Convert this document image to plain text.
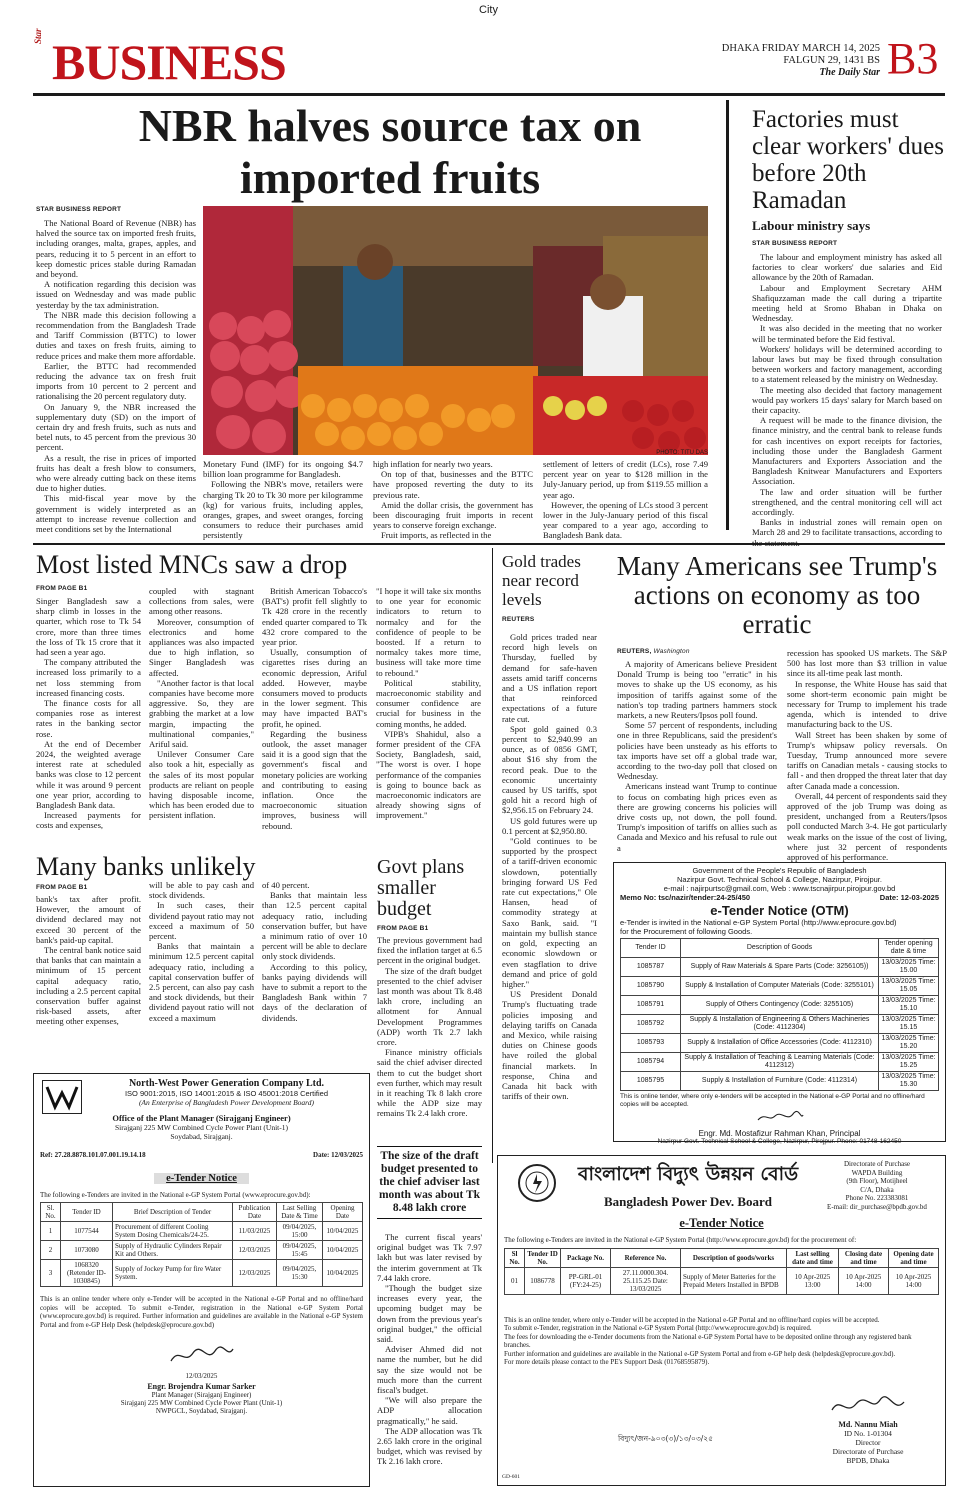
City
Star BUSINESS	DHAKA FRIDAY MARCH 14, 2025
FALGUN 29, 1431 BS
The Daily Star B3
NBR halves source tax on imported fruits
STAR BUSINESS REPORT

The National Board of Revenue (NBR) has halved the source tax on imported fresh fruits, including oranges, malta, grapes, apples, and pears, reducing it to 5 percent in an effort to keep domestic prices stable during Ramadan and beyond.

A notification regarding this decision was issued on Wednesday and was made public yesterday by the tax administration.

The NBR made this decision following a recommendation from the Bangladesh Trade and Tariff Commission (BTTC) to lower duties and taxes on fresh fruits, aiming to reduce prices and make them more affordable.

Earlier, the BTTC had recommended reducing the advance tax on fresh fruit imports from 10 percent to 2 percent and rationalising the 20 percent regulatory duty.

On January 9, the NBR increased the supplementary duty (SD) on the import of certain dry and fresh fruits, such as nuts and betel nuts, to 45 percent from the previous 30 percent.

As a result, the rise in prices of imported fruits has dealt a fresh blow to consumers, who were already cutting back on these items due to higher duties.

This mid-fiscal year move by the government is widely interpreted as an attempt to increase revenue collection and meet conditions set by the International

PHOTO: TITU DAS

Monetary Fund (IMF) for its ongoing $4.7 billion loan programme for Bangladesh.

Following the NBR's move, retailers were charging Tk 20 to Tk 30 more per kilogramme (kg) for various fruits, including apples, oranges, grapes, and sweet oranges, forcing consumers to reduce their purchases amid persistently

high inflation for nearly two years.

On top of that, businesses and the BTTC have proposed reverting the duty to its previous rate.

Amid the dollar crisis, the government has been discouraging fruit imports in recent years to conserve foreign exchange.

Fruit imports, as reflected in the

settlement of letters of credit (LCs), rose 7.49 percent year on year to $128 million in the July-January period, up from $119.55 million a year ago.

However, the opening of LCs stood 3 percent lower in the July-January period of this fiscal year compared to a year ago, according to Bangladesh Bank data.

Factories must clear workers' dues before 20th Ramadan
Labour ministry says
STAR BUSINESS REPORT

The labour and employment ministry has asked all factories to clear workers' due salaries and Eid allowance by the 20th of Ramadan.

Labour and Employment Secretary AHM Shafiquzzaman made the call during a tripartite meeting held at Sromo Bhaban in Dhaka on Wednesday.

It was also decided in the meeting that no worker will be terminated before the Eid festival.

Workers' holidays will be determined according to labour laws but may be fixed through consultation between workers and factory management, according to a statement released by the ministry on Wednesday.

The meeting also decided that factory management would pay workers 15 days' salary for March based on their capacity.

A request will be made to the finance division, the finance ministry, and the central bank to release funds for cash incentives on export receipts for factories, including those under the Bangladesh Garment Manufacturers and Exporters Association and the Bangladesh Knitwear Manufacturers and Exporters Association.

The law and order situation will be further strengthened, and the central monitoring cell will act accordingly.

Banks in industrial zones will remain open on March 28 and 29 to facilitate transactions, according to

Most listed MNCs saw a drop
FROM PAGE B1

Singer Bangladesh saw a sharp climb in losses in the quarter, which rose to Tk 54 crore, more than three times the loss of Tk 15 crore that it had seen a year ago.

The company attributed the increased loss primarily to a net loss stemming from increased financing costs.

The finance costs for all companies rose as interest rates in the banking sector rose.

At the end of December 2024, the weighted average interest rate at scheduled banks was close to 12 percent while it was around 9 percent one year prior, according to Bangladesh Bank data.

Increased payments for costs and expenses,

coupled with stagnant collections from sales, were among other reasons.

Moreover, consumption of electronics and home appliances was also impacted due to high inflation, so Singer Bangladesh was affected.

"Another factor is that local companies have become more aggressive. So, they are grabbing the market at a low margin, impacting the multinational companies," Ariful said.

Unilever Consumer Care also took a hit, especially as the sales of its most popular products are reliant on people having disposable income, which has been eroded due to persistent inflation.

British American Tobacco's (BAT's) profit fell slightly to Tk 428 crore in the recently ended quarter compared to Tk 432 crore compared to the year prior.

Usually, consumption of cigarettes rises during an economic depression, Ariful added. However, maybe consumers moved to products in the lower segment. This may have impacted BAT's profit, he opined.

Regarding the business outlook, the asset manager said it is a good sign that the government's fiscal and monetary policies are working and contributing to easing inflation. Once the macroeconomic situation improves, business will rebound.

"I hope it will take six months to one year for economic indicators to return to normalcy and for the confidence of people to be boosted. If a return to normalcy takes more time, business will take more time to rebound."

Political stability, macroeconomic stability and consumer confidence are crucial for business in the coming months, he added.

VIPB's Shahidul, also a former president of the CFA Society, Bangladesh, said, "The worst is over. I hope performance of the companies is going to bounce back as macroeconomic indicators are already showing signs of improvement."

Many banks unlikely
FROM PAGE B1

bank's tax after profit. However, the amount of dividend declared may not exceed 30 percent of the bank's paid-up capital.

The central bank notice said that banks that can maintain a minimum of 15 percent capital adequacy ratio, including a 2.5 percent capital conservation buffer against risk-based assets, after meeting other expenses,

will be able to pay cash and stock dividends.

In such cases, their dividend payout ratio may not exceed a maximum of 50 percent.

Banks that maintain a minimum 12.5 percent capital adequacy ratio, including a capital conservation buffer of 2.5 percent, can also pay cash and stock dividends, but their dividend payout ratio will not exceed a maximum

of 40 percent.

Banks that maintain less than 12.5 percent capital adequacy ratio, including conservation buffer, but have a minimum ratio of over 10 percent will be able to declare only stock dividends.

According to this policy, banks paying dividends will have to submit a report to the Bangladesh Bank within 7 days of the declaration of dividends.

Gold trades near record levels
REUTERS

Gold prices traded near record high levels on Thursday, fuelled by demand for safe-haven assets amid tariff concerns and a US inflation report that reinforced expectations of a future rate cut.

Spot gold gained 0.3 percent to $2,940.99 an ounce, as of 0856 GMT, about $16 shy from the record peak. Due to the economic uncertainty caused by US tariffs, spot gold hit a record high of $2,956.15 on February 24.

US gold futures were up 0.1 percent at $2,950.80.

"Gold continues to be supported by the prospect of a tariff-driven economic slowdown, potentially bringing forward US Fed rate cut expectations," Ole Hansen, head of commodity strategy at Saxo Bank, said. "I maintain my bullish stance on gold, expecting an economic slowdown or even stagflation to drive demand and price of gold higher."

US President Donald Trump's fluctuating trade policies imposing and delaying tariffs on Canada and Mexico, while raising duties on Chinese goods have roiled the global financial markets. In response, China and Canada hit back with tariffs of their own.

Govt plans smaller budget
FROM PAGE B1

The previous government had fixed the inflation target at 6.5 percent in the original budget.

The size of the draft budget presented to the chief adviser last month was about Tk 8.48 lakh crore, including an allotment for Annual Development Programmes (ADP) worth Tk 2.7 lakh crore.

Finance ministry officials said the chief adviser directed them to cut the budget short even further, which may result in it reaching Tk 8 lakh crore while the ADP size may remains Tk 2.4 lakh crore.

The size of the draft budget presented to the chief adviser last month was about Tk 8.48 lakh crore

The current fiscal years' original budget was Tk 7.97 lakh but was later revised by the interim government at Tk 7.44 lakh crore.

"Though the budget size increases every year, the upcoming budget may be down from the previous year's original budget," the official said.

Adviser Ahmed did not name the number, but he did say the size would not be much more than the current fiscal's budget.

"We will also prepare the ADP allocation pragmatically," he said.

The ADP allocation was Tk 2.65 lakh crore in the original budget, which was revised by Tk 2.16 lakh crore.

Many Americans see Trump's actions on economy as too erratic
REUTERS, Washington

A majority of Americans believe President Donald Trump is being too "erratic" in his moves to shake up the US economy, as his imposition of tariffs against some of the nation's top trading partners hammers stock markets, a new Reuters/Ipsos poll found.

Some 57 percent of respondents, including one in three Republicans, said the president's policies have been unsteady as his efforts to tax imports have set off a global trade war, according to the two-day poll that closed on Wednesday.

Americans instead want Trump to continue to focus on combating high prices even as there are growing concerns his policies will drive costs up, not down, the poll found. Trump's imposition of tariffs on allies such as Canada and Mexico and his refusal to rule out a

recession has spooked US markets. The S&P 500 has lost more than $3 trillion in value since its all-time peak last month.

In response, the White House has said that some short-term economic pain might be necessary for Trump to implement his trade agenda, which is intended to drive manufacturing back to the US.

Wall Street has been shaken by some of Trump's whipsaw policy reversals. On Tuesday, Trump announced more severe tariffs on Canadian metals - causing stocks to fall - and then dropped the threat later that day after Canada made a concession.

Overall, 44 percent of respondents said they approved of the job Trump was doing as president, unchanged from a Reuters/Ipsos poll conducted March 3-4. He got particularly weak marks on the issue of the cost of living, where just 32 percent of respondents approved of his performance.

North-West Power Generation Company Ltd.
ISO 9001:2015, ISO 14001:2015 & ISO 45001:2018 Certified
(An Enterprise of Bangladesh Power Development Board)
Office of the Plant Manager (Sirajganj Engineer)
Sirajganj 225 MW Combined Cycle Power Plant (Unit-1)
Soydabad, Sirajganj.
Ref: 27.28.8878.101.07.001.19.14.18	Date: 12/03/2025
e-Tender Notice
The following e-Tenders are invited in the National e-GP System Portal (www.eprocure.gov.bd):
Sl. No.	Tender ID	Brief Description of Tender	Publication Date	Last Selling Date & Time	Opening Date
1	1077544	Procurement of different Cooling System Dosing Chemicals/24-25.	11/03/2025	09/04/2025, 15:00	10/04/2025
2	1073080	Supply of Hydraulic Cylinders Repair Kit and Others.	12/03/2025	09/04/2025, 15:45	10/04/2025
3	1068320 (Retender ID-1030845)	Supply of Jockey Pump for fire Water System.	12/03/2025	09/04/2025, 15:30	10/04/2025
This is an online tender where only e-Tender will be accepted in the National e-GP Portal and no offline/hard copies will be accepted. To submit e-Tender, registration in the National e-GP System Portal (www.eprocure.gov.bd) is required. Further information and guidelines are available in the National e-GP System Portal and from e-GP Help Desk (helpdesk@eprocure.gov.bd)
12/03/2025
Engr. Brojendra Kumar Sarker
Plant Manager (Sirajganj Engineer)
Sirajganj 225 MW Combined Cycle Power Plant (Unit-1)
NWPGCL, Soydabad, Sirajganj.
Government of the People's Republic of Bangladesh
Nazirpur Govt. Technical School & College, Nazirpur, Pirojpur.
e-mail : najirpurtsc@gmail.com, Web : www.tscnajirpur.pirojpur.gov.bd
Memo No: tsc/nazir/tender:24-25/450	Date: 12-03-2025
e-Tender Notice (OTM)
e-Tender is invited in the National e-GP System Portal (http://www.eprocure.gov.bd)
for the Procurement of following Goods.
Tender ID	Description of Goods	Tender opening date & time
1085787	Supply of Raw Materials & Spare Parts (Code: 3256105))	13/03/2025 Time: 15.00
1085790	Supply & Installation of Computer Materials (Code: 3255101)	13/03/2025 Time: 15.05
1085791	Supply of Others Contingency (Code: 3255105)	13/03/2025 Time: 15.10
1085792	Supply & Installation of Engineering & Others Machineries (Code: 4112304)	13/03/2025 Time: 15.15
1085793	Supply & Installation of Office Accessories (Code: 4112310)	13/03/2025 Time: 15.20
1085794	Supply & Installation of Teaching & Learning Materials (Code: 4112312)	13/03/2025 Time: 15.25
1085795	Supply & Installation of Furniture (Code: 4112314)	13/03/2025 Time: 15.30
This is online tender, where only e-tenders will be accepted in the National e-GP Portal and no offline/hard copies will be accepted.
Engr. Md. Mostafizur Rahman Khan, Principal
Nazirpur Govt. Technical School & College, Nazirpur, Pirojpur. Phone: 01748-162450
বাংলাদেশ বিদ্যুৎ উন্নয়ন বোর্ড
Bangladesh Power Dev. Board
Directorate of Purchase
WAPDA Building
(9th Floor), Motijheel
C/A, Dhaka
Phone No. 223383081
E-mail: dir_purchase@bpdb.gov.bd
e-Tender Notice
The following e-Tenders are invited in the National e-GP System Portal (http://www.eprocure.gov.bd) for the procurement of:
Sl No.	Tender ID No.	Package No.	Reference No.	Description of goods/works	Last selling date and time	Closing date and time	Opening date and time
01	1086778	PP-GRL-01 (FY:24-25)	27.11.0000.304. 25.115.25 Date: 13/03/2025	Supply of Meter Batteries for the Prepaid Meters Installed in BPDB	10 Apr-2025 13:00	10 Apr-2025 14:00	10 Apr-2025 14:00
This is an online tender, where only e-Tender will be accepted in the National e-GP Portal and no offline/hard copies will be accepted.
To submit e-Tender, registration in the National e-GP System Portal (http://www.eprocure.gov.bd) is required.
The fees for downloading the e-Tender documents from the National e-GP System Portal have to be deposited online through any registered bank branches.
Further information and guidelines are available in the National e-GP System Portal and from e-GP help desk (helpdesk@eprocure.gov.bd).
For more details please contact to the PE's Support Desk (01768595879).
বিদ্যুৎ/জন-৯০৩(৩)/১৩/০৩/২৫
GD-601
Md. Nannu Miah
ID No. 1-01304
Director
Directorate of Purchase
BPDB, Dhaka
